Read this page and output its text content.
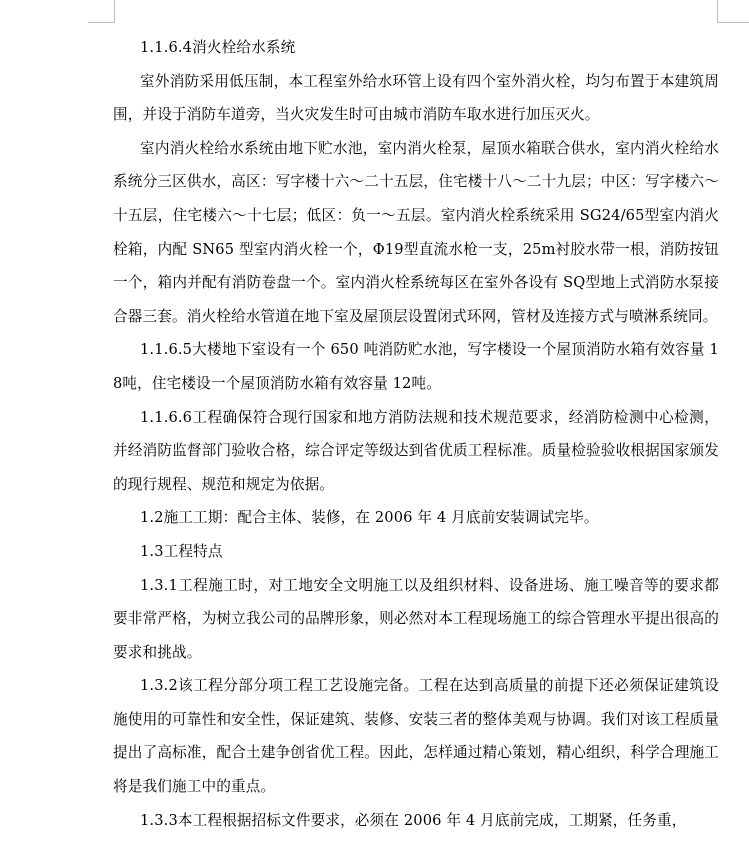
1.1.6.4消火栓给水系统

室外消防采用低压制，本工程室外给水环管上设有四个室外消火栓，均匀布置于本建筑周围，并设于消防车道旁，当火灾发生时可由城市消防车取水进行加压灭火。

室内消火栓给水系统由地下贮水池，室内消火栓泵，屋顶水箱联合供水，室内消火栓给水系统分三区供水，高区：写字楼十六～二十五层，住宅楼十八～二十九层；中区：写字楼六～十五层，住宅楼六～十七层；低区：负一～五层。室内消火栓系统采用 SG24/65型室内消火栓箱，内配 SN65 型室内消火栓一个，Φ19型直流水枪一支，25m衬胶水带一根，消防按钮一个，箱内并配有消防卷盘一个。室内消火栓系统每区在室外各设有 SQ型地上式消防水泵接合器三套。消火栓给水管道在地下室及屋顶层设置闭式环网，管材及连接方式与喷淋系统同。

1.1.6.5大楼地下室设有一个 650 吨消防贮水池，写字楼设一个屋顶消防水箱有效容量 18吨，住宅楼设一个屋顶消防水箱有效容量 12吨。

1.1.6.6工程确保符合现行国家和地方消防法规和技术规范要求，经消防检测中心检测，并经消防监督部门验收合格，综合评定等级达到省优质工程标准。质量检验验收根据国家颁发的现行规程、规范和规定为依据。

1.2施工工期：配合主体、装修，在 2006 年 4 月底前安装调试完毕。

1.3工程特点

1.3.1工程施工时，对工地安全文明施工以及组织材料、设备进场、施工噪音等的要求都要非常严格，为树立我公司的品牌形象，则必然对本工程现场施工的综合管理水平提出很高的要求和挑战。

1.3.2该工程分部分项工程工艺设施完备。工程在达到高质量的前提下还必须保证建筑设施使用的可靠性和安全性，保证建筑、装修、安装三者的整体美观与协调。我们对该工程质量提出了高标准，配合土建争创省优工程。因此，怎样通过精心策划，精心组织，科学合理施工将是我们施工中的重点。

1.3.3本工程根据招标文件要求，必须在 2006 年 4 月底前完成，工期紧，任务重，
